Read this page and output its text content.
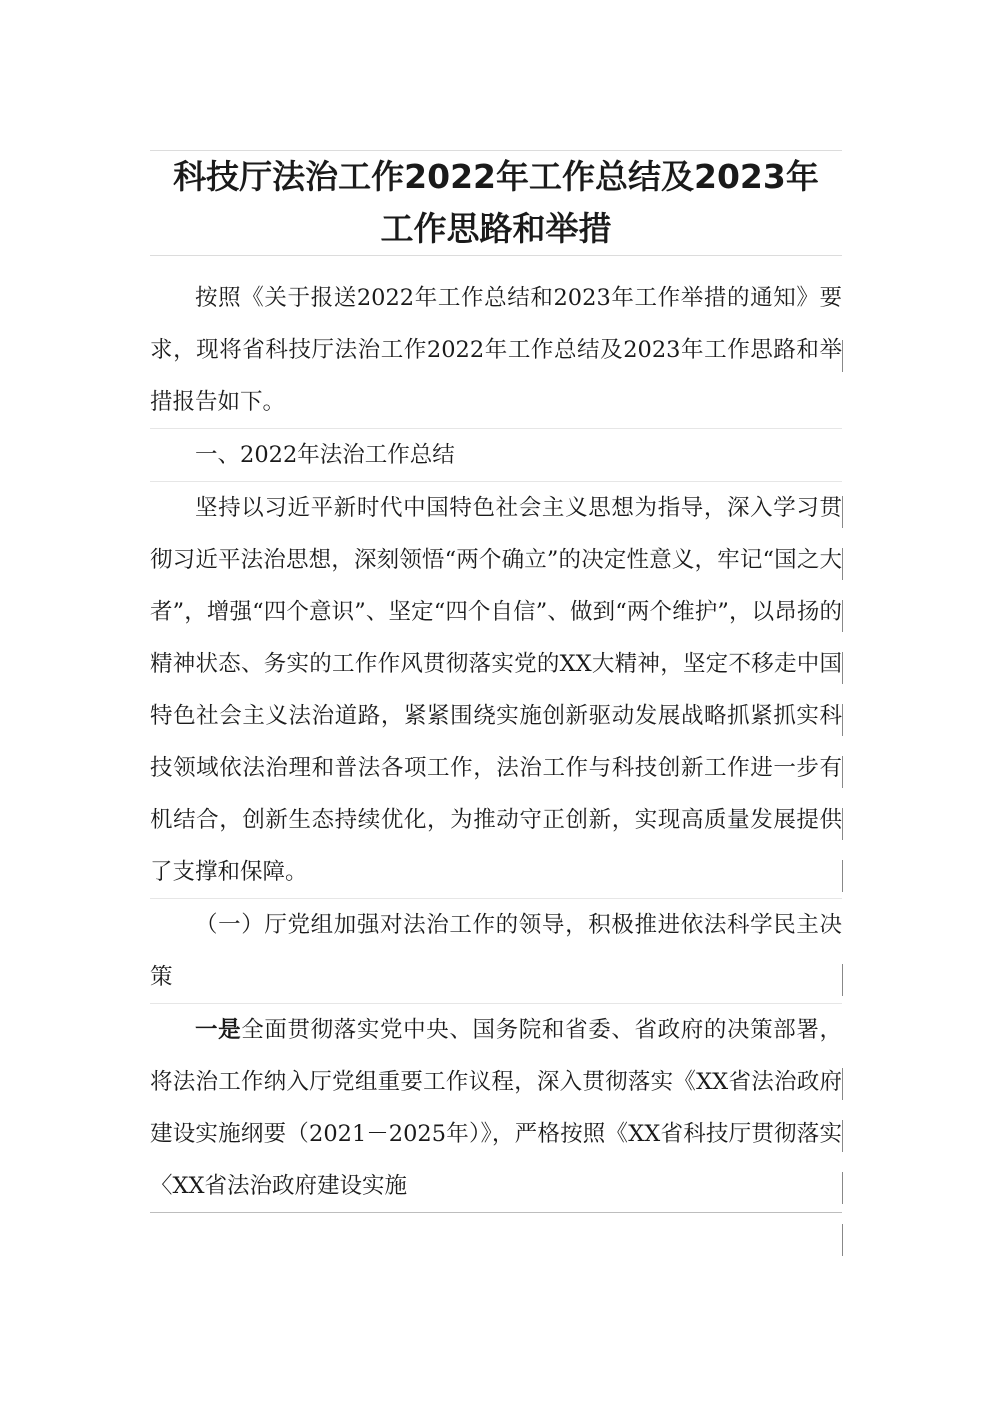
科技厅法治工作2022年工作总结及2023年
工作思路和举措

按照《关于报送2022年工作总结和2023年工作举措的通知》要求，现将省科技厅法治工作2022年工作总结及2023年工作思路和举措报告如下。

一、2022年法治工作总结

坚持以习近平新时代中国特色社会主义思想为指导，深入学习贯彻习近平法治思想，深刻领悟“两个确立”的决定性意义，牢记“国之大者”，增强“四个意识”、坚定“四个自信”、做到“两个维护”，以昂扬的精神状态、务实的工作作风贯彻落实党的XX大精神，坚定不移走中国特色社会主义法治道路，紧紧围绕实施创新驱动发展战略抓紧抓实科技领域依法治理和普法各项工作，法治工作与科技创新工作进一步有机结合，创新生态持续优化，为推动守正创新，实现高质量发展提供了支撑和保障。

（一）厅党组加强对法治工作的领导，积极推进依法科学民主决策

一是全面贯彻落实党中央、国务院和省委、省政府的决策部署，将法治工作纳入厅党组重要工作议程，深入贯彻落实《XX省法治政府建设实施纲要（2021－2025年）》，严格按照《XX省科技厅贯彻落实〈XX省法治政府建设实施
